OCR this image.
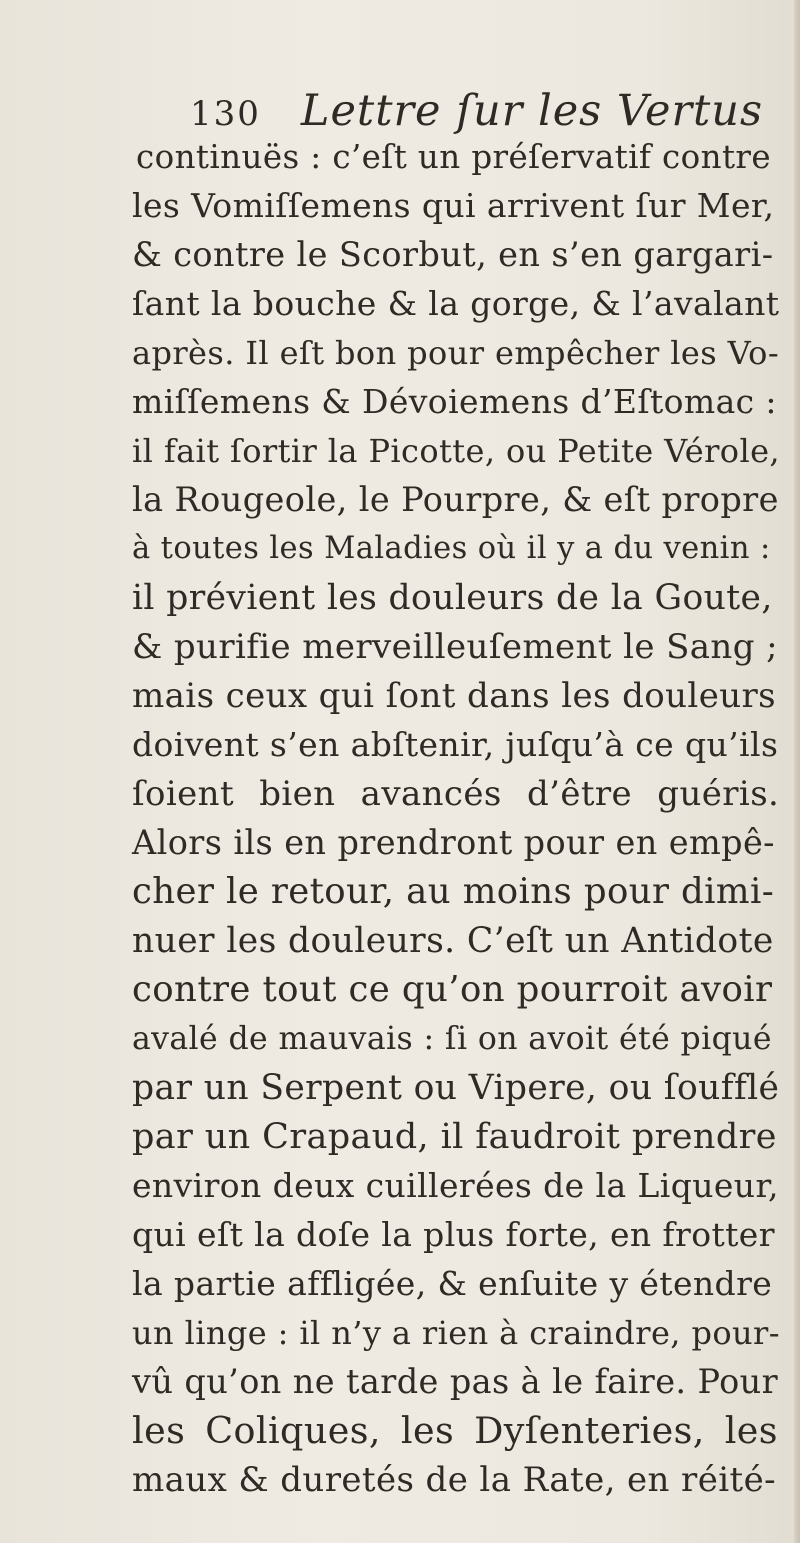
130 Lettre ſur les Vertus
continuës : c’eſt un préſervatif contre
les Vomiſſemens qui arrivent ſur Mer,
& contre le Scorbut, en s’en gargari-
ſant la bouche & la gorge, & l’avalant
après. Il eſt bon pour empêcher les Vo-
miſſemens & Dévoiemens d’Eſtomac :
il fait ſortir la Picotte, ou Petite Vérole,
la Rougeole, le Pourpre, & eſt propre
à toutes les Maladies où il y a du venin :
il prévient les douleurs de la Goute,
& purifie merveilleuſement le Sang ;
mais ceux qui ſont dans les douleurs
doivent s’en abſtenir, juſqu’à ce qu’ils
ſoient bien avancés d’être guéris.
Alors ils en prendront pour en empê-
cher le retour, au moins pour dimi-
nuer les douleurs. C’eſt un Antidote
contre tout ce qu’on pourroit avoir
avalé de mauvais : ſi on avoit été piqué
par un Serpent ou Vipere, ou ſoufflé
par un Crapaud, il faudroit prendre
environ deux cuillerées de la Liqueur,
qui eſt la doſe la plus forte, en frotter
la partie affligée, & enſuite y étendre
un linge : il n’y a rien à craindre, pour-
vû qu’on ne tarde pas à le faire. Pour
les Coliques, les Dyſenteries, les
maux & duretés de la Rate, en réité-
